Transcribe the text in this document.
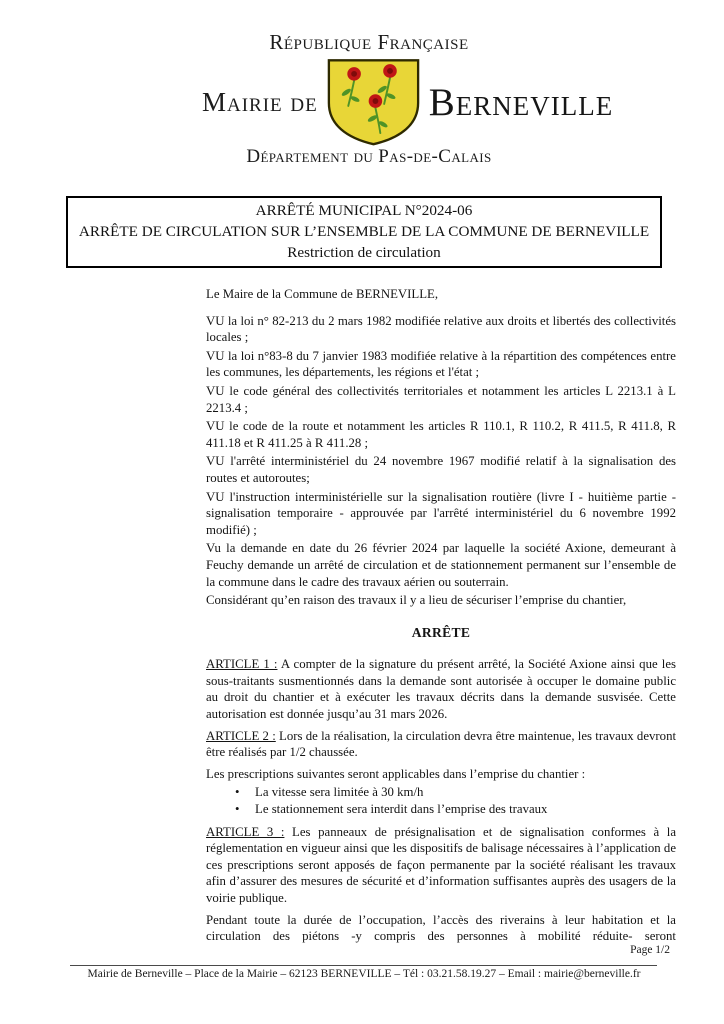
République Française
Mairie de	Berneville
Département du Pas-de-Calais
ARRÊTÉ MUNICIPAL N°2024-06
ARRÊTE DE CIRCULATION SUR L’ENSEMBLE DE LA COMMUNE DE BERNEVILLE
Restriction de circulation

Le Maire de la Commune de BERNEVILLE,

VU la loi n° 82-213 du 2 mars 1982 modifiée relative aux droits et libertés des collectivités locales ;

VU la loi n°83-8 du 7 janvier 1983 modifiée relative à la répartition des compétences entre les communes, les départements, les régions et l'état ;

VU le code général des collectivités territoriales et notamment les articles L 2213.1 à L 2213.4 ;

VU le code de la route et notamment les articles R 110.1, R 110.2, R 411.5, R 411.8, R 411.18 et R 411.25 à R 411.28 ;

VU l'arrêté interministériel du 24 novembre 1967 modifié relatif à la signalisation des routes et autoroutes;

VU l'instruction interministérielle sur la signalisation routière (livre I - huitième partie - signalisation temporaire - approuvée par l'arrêté interministériel du 6 novembre 1992 modifié) ;

Vu la demande en date du 26 février 2024 par laquelle la société Axione, demeurant à Feuchy demande un arrêté de circulation et de stationnement permanent sur l’ensemble de la commune dans le cadre des travaux aérien ou souterrain.

Considérant qu’en raison des travaux il y a lieu de sécuriser l’emprise du chantier,

ARRÊTE

ARTICLE 1 : A compter de la signature du présent arrêté, la Société Axione ainsi que les sous-traitants susmentionnés dans la demande sont autorisée à occuper le domaine public au droit du chantier et à exécuter les travaux décrits dans la demande susvisée. Cette autorisation est donnée jusqu’au 31 mars 2026.

ARTICLE 2 : Lors de la réalisation, la circulation devra être maintenue, les travaux devront être réalisés par 1/2 chaussée.

Les prescriptions suivantes seront applicables dans l’emprise du chantier :

• La vitesse sera limitée à 30 km/h
• Le stationnement sera interdit dans l’emprise des travaux

ARTICLE 3 : Les panneaux de présignalisation et de signalisation conformes à la réglementation en vigueur ainsi que les dispositifs de balisage nécessaires à l’application de ces prescriptions seront apposés de façon permanente par la société réalisant les travaux afin d’assurer des mesures de sécurité et d’information suffisantes auprès des usagers de la voirie publique.

Pendant toute la durée de l’occupation, l’accès des riverains à leur habitation et la circulation des piétons -y compris des personnes à mobilité réduite- seront

Page 1/2
Mairie de Berneville – Place de la Mairie – 62123 BERNEVILLE – Tél : 03.21.58.19.27 – Email : mairie@berneville.fr
